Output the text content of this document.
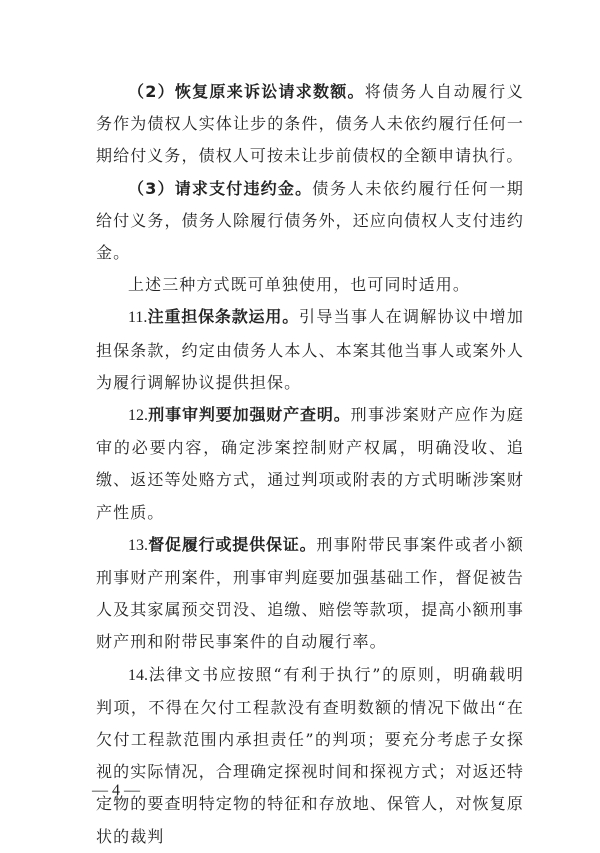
（2）恢复原来诉讼请求数额。将债务人自动履行义务作为债权人实体让步的条件，债务人未依约履行任何一期给付义务，债权人可按未让步前债权的全额申请执行。

（3）请求支付违约金。债务人未依约履行任何一期给付义务，债务人除履行债务外，还应向债权人支付违约金。

上述三种方式既可单独使用，也可同时适用。

11.注重担保条款运用。引导当事人在调解协议中增加担保条款，约定由债务人本人、本案其他当事人或案外人为履行调解协议提供担保。

12.刑事审判要加强财产查明。刑事涉案财产应作为庭审的必要内容，确定涉案控制财产权属，明确没收、追缴、返还等处赂方式，通过判项或附表的方式明晰涉案财产性质。

13.督促履行或提供保证。刑事附带民事案件或者小额刑事财产刑案件，刑事审判庭要加强基础工作，督促被告人及其家属预交罚没、追缴、赔偿等款项，提高小额刑事财产刑和附带民事案件的自动履行率。

14.法律文书应按照“有利于执行”的原则，明确载明判项，不得在欠付工程款没有查明数额的情况下做出“在欠付工程款范围内承担责任”的判项；要充分考虑子女探视的实际情况，合理确定探视时间和探视方式；对返还特定物的要查明特定物的特征和存放地、保管人，对恢复原状的裁判

— 4 —
